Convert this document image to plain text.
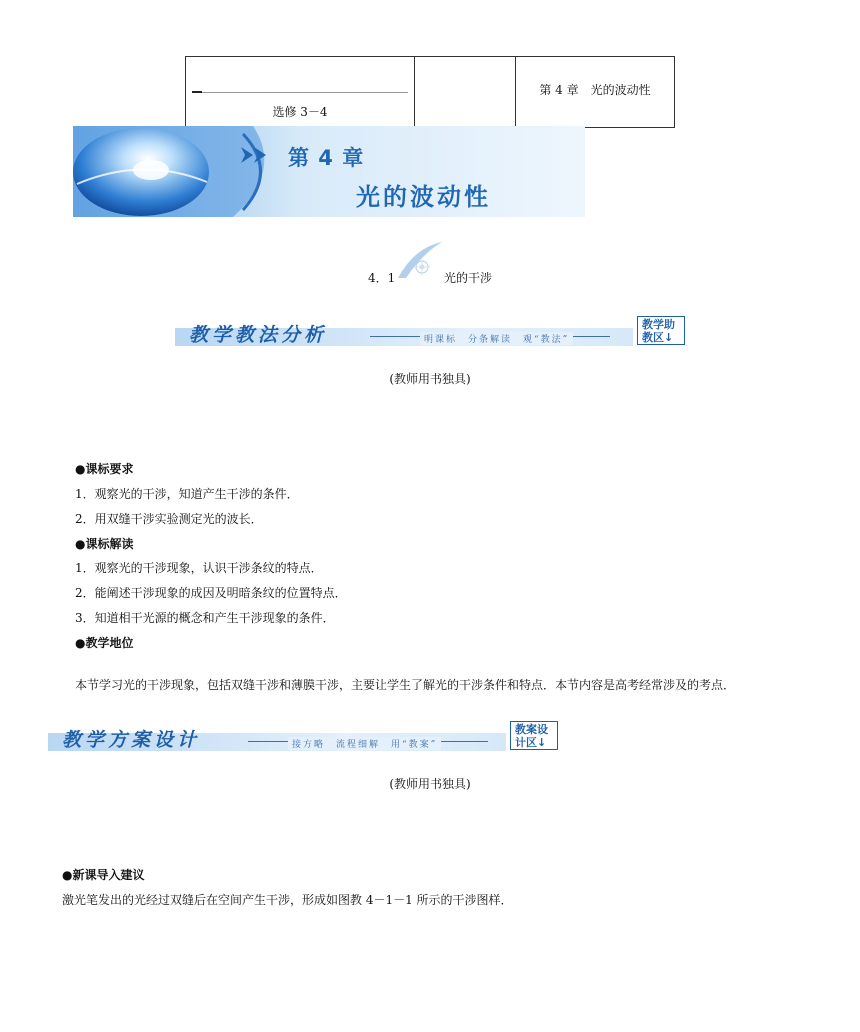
选修 3－4
第 4 章　光的波动性
第 4 章
光的波动性
4．1	光的干涉
教学教法分析	明课标　分条解读　观“教法”
教学助
教区↓
(教师用书独具)
●课标要求
1．观察光的干涉，知道产生干涉的条件．
2．用双缝干涉实验测定光的波长．
●课标解读
1．观察光的干涉现象，认识干涉条纹的特点．
2．能阐述干涉现象的成因及明暗条纹的位置特点．
3．知道相干光源的概念和产生干涉现象的条件．
●教学地位
本节学习光的干涉现象，包括双缝干涉和薄膜干涉，主要让学生了解光的干涉条件和特点．本节内容是高考经常涉及的考点．
教学方案设计	接方略　流程细解　用“教案”
教案设
计区↓
(教师用书独具)
●新课导入建议
激光笔发出的光经过双缝后在空间产生干涉，形成如图教 4－1－1 所示的干涉图样．
